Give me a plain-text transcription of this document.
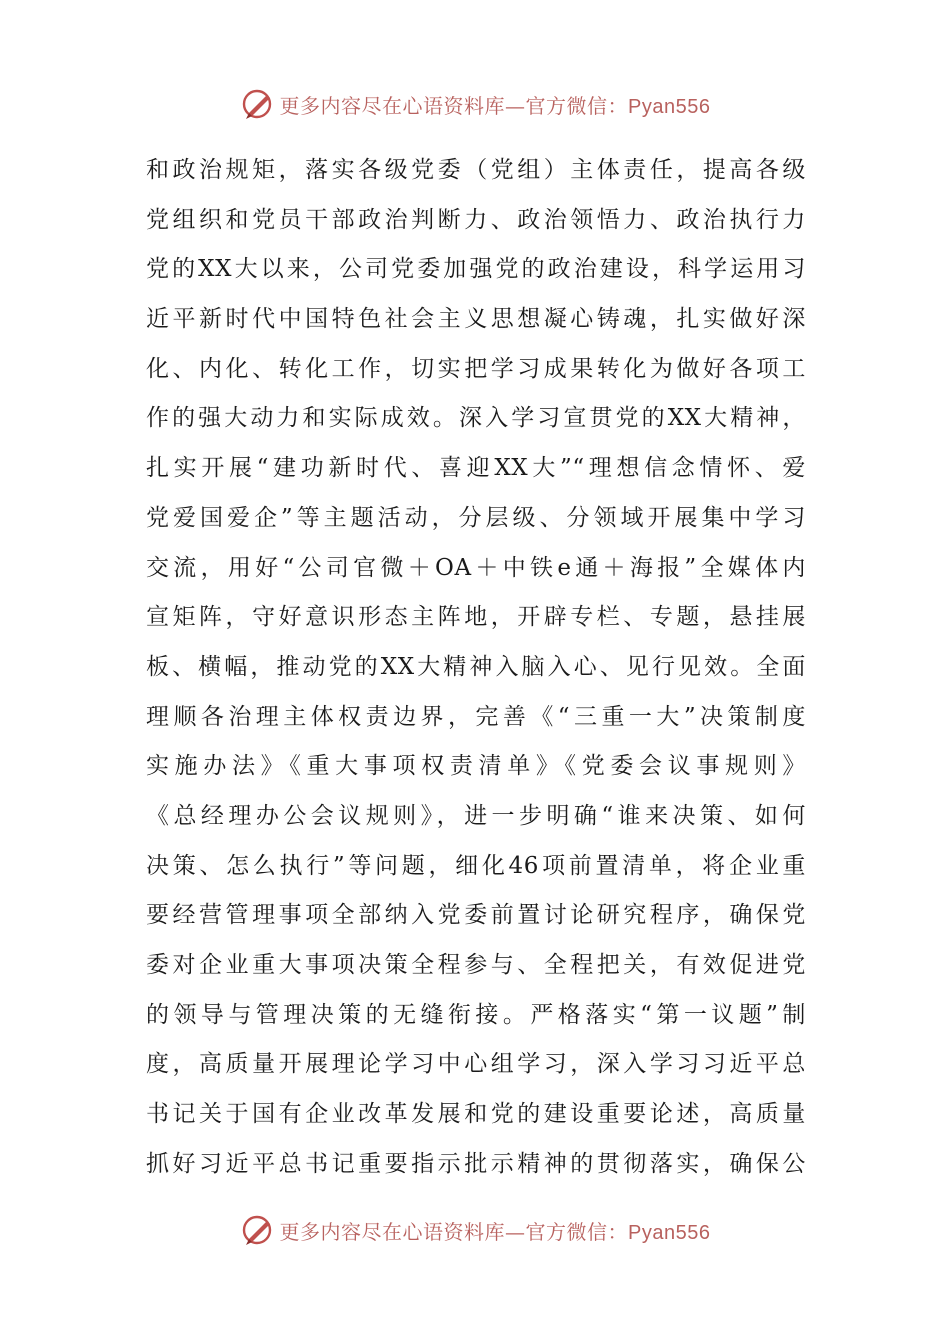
更多内容尽在心语资料库—官方微信：Pyan556
和政治规矩，落实各级党委（党组）主体责任，提高各级
党组织和党员干部政治判断力、政治领悟力、政治执行力
党的XX大以来，公司党委加强党的政治建设，科学运用习
近平新时代中国特色社会主义思想凝心铸魂，扎实做好深
化、内化、转化工作，切实把学习成果转化为做好各项工
作的强大动力和实际成效。深入学习宣贯党的XX大精神，
扎实开展“建功新时代、喜迎XX大”“理想信念情怀、爱
党爱国爱企”等主题活动，分层级、分领域开展集中学习
交流，用好“公司官微＋OA＋中铁e通＋海报”全媒体内
宣矩阵，守好意识形态主阵地，开辟专栏、专题，悬挂展
板、横幅，推动党的XX大精神入脑入心、见行见效。全面
理顺各治理主体权责边界，完善《“三重一大”决策制度
实施办法》《重大事项权责清单》《党委会议事规则》
《总经理办公会议规则》，进一步明确“谁来决策、如何
决策、怎么执行”等问题，细化46项前置清单，将企业重
要经营管理事项全部纳入党委前置讨论研究程序，确保党
委对企业重大事项决策全程参与、全程把关，有效促进党
的领导与管理决策的无缝衔接。严格落实“第一议题”制
度，高质量开展理论学习中心组学习，深入学习习近平总
书记关于国有企业改革发展和党的建设重要论述，高质量
抓好习近平总书记重要指示批示精神的贯彻落实，确保公
更多内容尽在心语资料库—官方微信：Pyan556
